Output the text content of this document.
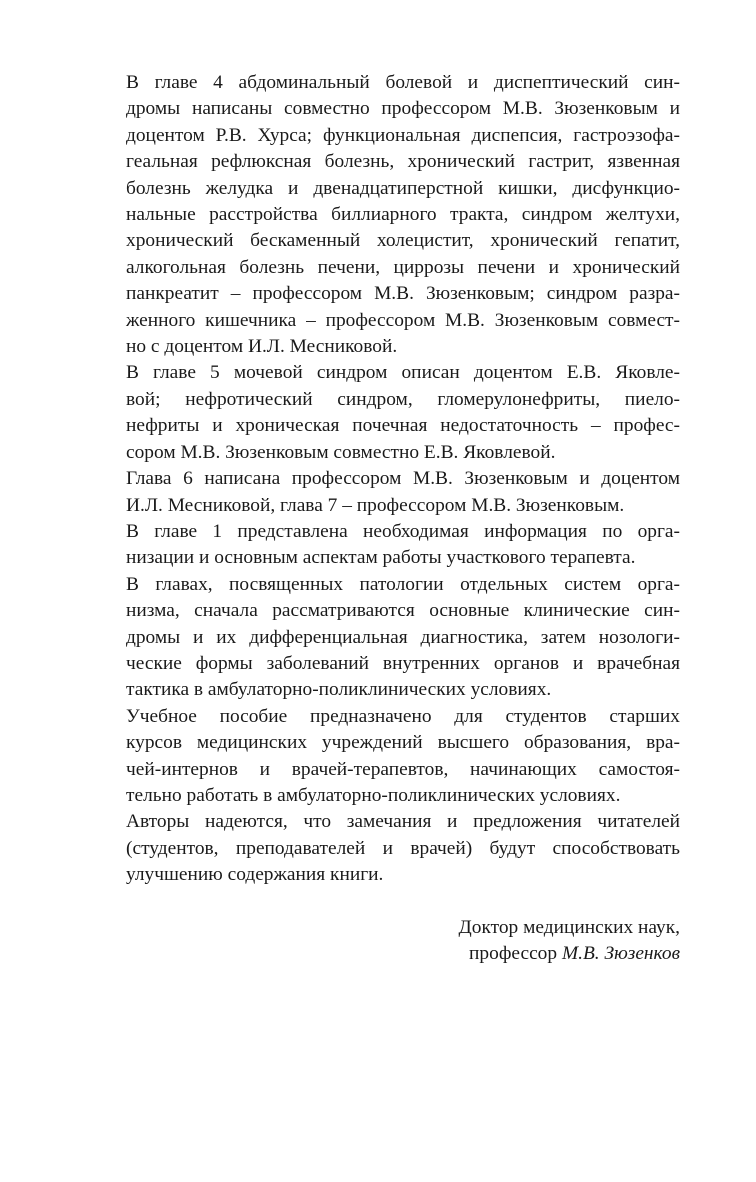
В главе 4 абдоминальный болевой и диспептический син-
дромы написаны совместно профессором М.В. Зюзенковым и
доцентом Р.В. Хурса; функциональная диспепсия, гастроэзофа-
геальная рефлюксная болезнь, хронический гастрит, язвенная
болезнь желудка и двенадцатиперстной кишки, дисфункцио-
нальные расстройства биллиарного тракта, синдром желтухи,
хронический бескаменный холецистит, хронический гепатит,
алкогольная болезнь печени, циррозы печени и хронический
панкреатит – профессором М.В. Зюзенковым; синдром разра-
женного кишечника – профессором М.В. Зюзенковым совмест-
но с доцентом И.Л. Месниковой.

В главе 5 мочевой синдром описан доцентом Е.В. Яковле-
вой; нефротический синдром, гломерулонефриты, пиело-
нефриты и хроническая почечная недостаточность – профес-
сором М.В. Зюзенковым совместно Е.В. Яковлевой.

Глава 6 написана профессором М.В. Зюзенковым и доцентом
И.Л. Месниковой, глава 7 – профессором М.В. Зюзенковым.

В главе 1 представлена необходимая информация по орга-
низации и основным аспектам работы участкового терапевта.

В главах, посвященных патологии отдельных систем орга-
низма, сначала рассматриваются основные клинические син-
дромы и их дифференциальная диагностика, затем нозологи-
ческие формы заболеваний внутренних органов и врачебная
тактика в амбулаторно-поликлинических условиях.

Учебное пособие предназначено для студентов старших
курсов медицинских учреждений высшего образования, вра-
чей-интернов и врачей-терапевтов, начинающих самостоя-
тельно работать в амбулаторно-поликлинических условиях.

Авторы надеются, что замечания и предложения читателей
(студентов, преподавателей и врачей) будут способствовать
улучшению содержания книги.

Доктор медицинских наук,
профессор М.В. Зюзенков
